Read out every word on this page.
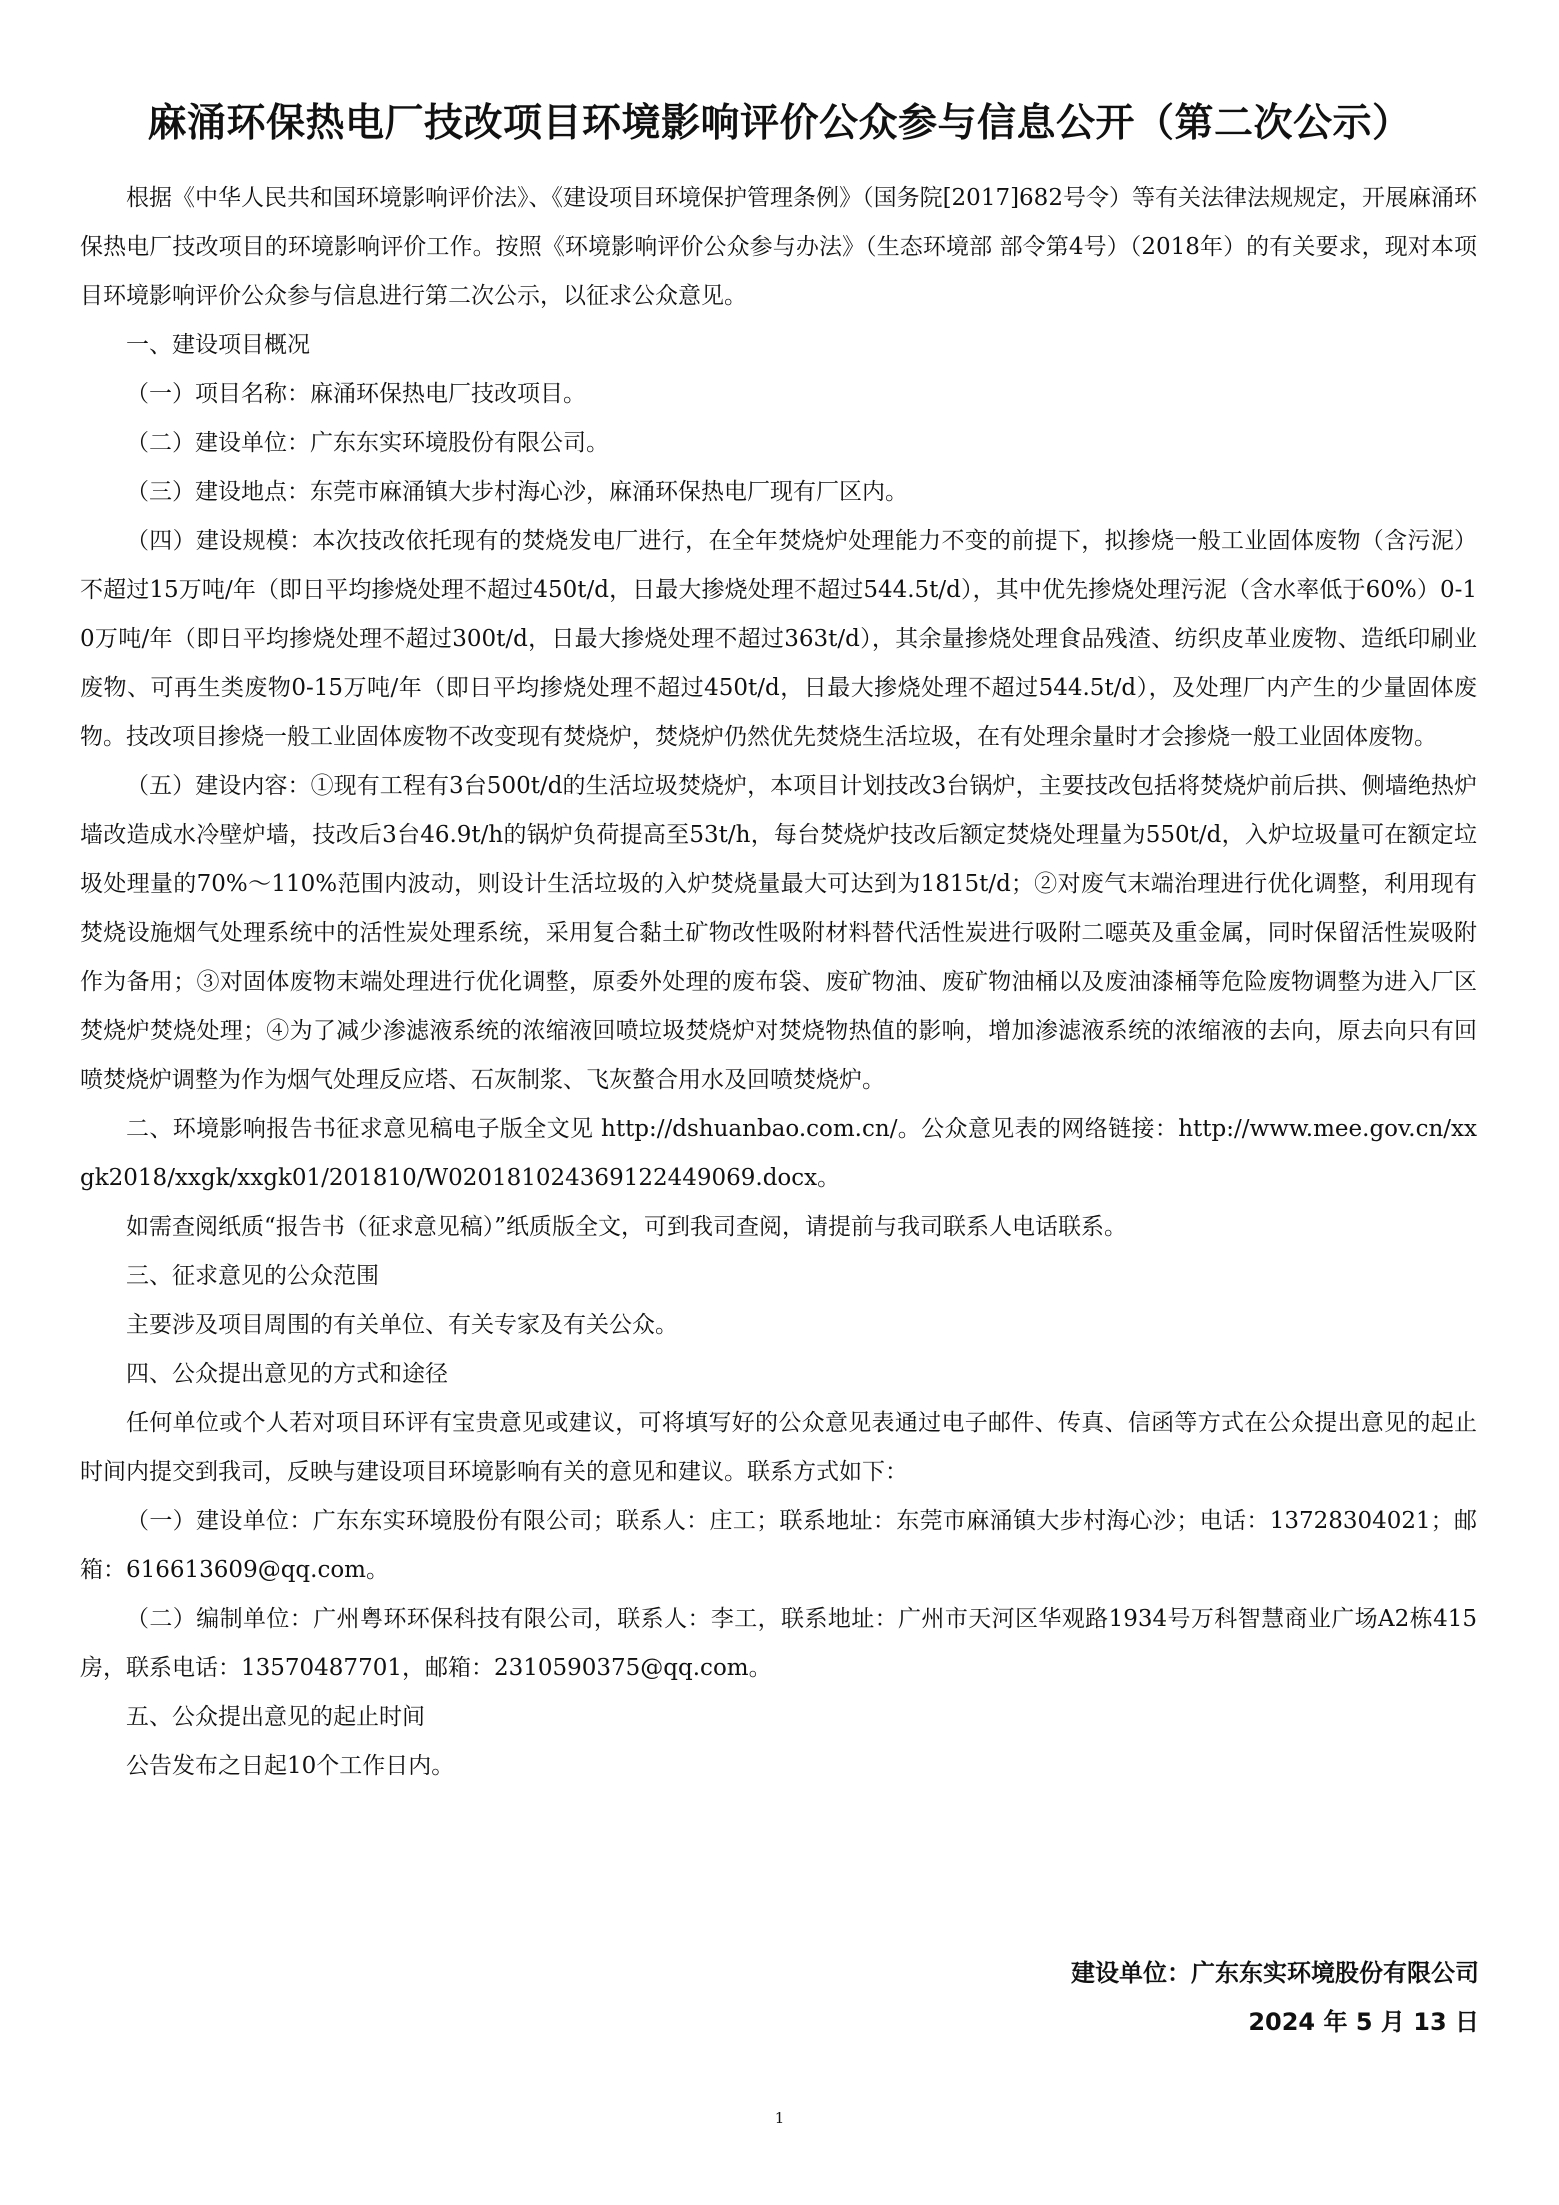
麻涌环保热电厂技改项目环境影响评价公众参与信息公开（第二次公示）

根据《中华人民共和国环境影响评价法》、《建设项目环境保护管理条例》（国务院[2017]682号令）等有关法律法规规定，开展麻涌环保热电厂技改项目的环境影响评价工作。按照《环境影响评价公众参与办法》（生态环境部 部令第4号）（2018年）的有关要求，现对本项目环境影响评价公众参与信息进行第二次公示，以征求公众意见。

一、建设项目概况

（一）项目名称：麻涌环保热电厂技改项目。

（二）建设单位：广东东实环境股份有限公司。

（三）建设地点：东莞市麻涌镇大步村海心沙，麻涌环保热电厂现有厂区内。

（四）建设规模：本次技改依托现有的焚烧发电厂进行，在全年焚烧炉处理能力不变的前提下，拟掺烧一般工业固体废物（含污泥）不超过15万吨/年（即日平均掺烧处理不超过450t/d，日最大掺烧处理不超过544.5t/d），其中优先掺烧处理污泥（含水率低于60%）0-10万吨/年（即日平均掺烧处理不超过300t/d，日最大掺烧处理不超过363t/d），其余量掺烧处理食品残渣、纺织皮革业废物、造纸印刷业废物、可再生类废物0-15万吨/年（即日平均掺烧处理不超过450t/d，日最大掺烧处理不超过544.5t/d），及处理厂内产生的少量固体废物。技改项目掺烧一般工业固体废物不改变现有焚烧炉，焚烧炉仍然优先焚烧生活垃圾，在有处理余量时才会掺烧一般工业固体废物。

（五）建设内容：①现有工程有3台500t/d的生活垃圾焚烧炉，本项目计划技改3台锅炉，主要技改包括将焚烧炉前后拱、侧墙绝热炉墙改造成水冷壁炉墙，技改后3台46.9t/h的锅炉负荷提高至53t/h，每台焚烧炉技改后额定焚烧处理量为550t/d，入炉垃圾量可在额定垃圾处理量的70%～110%范围内波动，则设计生活垃圾的入炉焚烧量最大可达到为1815t/d；②对废气末端治理进行优化调整，利用现有焚烧设施烟气处理系统中的活性炭处理系统，采用复合黏土矿物改性吸附材料替代活性炭进行吸附二噁英及重金属，同时保留活性炭吸附作为备用；③对固体废物末端处理进行优化调整，原委外处理的废布袋、废矿物油、废矿物油桶以及废油漆桶等危险废物调整为进入厂区焚烧炉焚烧处理；④为了减少渗滤液系统的浓缩液回喷垃圾焚烧炉对焚烧物热值的影响，增加渗滤液系统的浓缩液的去向，原去向只有回喷焚烧炉调整为作为烟气处理反应塔、石灰制浆、飞灰螯合用水及回喷焚烧炉。

二、环境影响报告书征求意见稿电子版全文见 http://dshuanbao.com.cn/。公众意见表的网络链接：http://www.mee.gov.cn/xxgk2018/xxgk/xxgk01/201810/W020181024369122449069.docx。

如需查阅纸质“报告书（征求意见稿）”纸质版全文，可到我司查阅，请提前与我司联系人电话联系。

三、征求意见的公众范围

主要涉及项目周围的有关单位、有关专家及有关公众。

四、公众提出意见的方式和途径

任何单位或个人若对项目环评有宝贵意见或建议，可将填写好的公众意见表通过电子邮件、传真、信函等方式在公众提出意见的起止时间内提交到我司，反映与建设项目环境影响有关的意见和建议。联系方式如下：

（一）建设单位：广东东实环境股份有限公司；联系人：庄工；联系地址：东莞市麻涌镇大步村海心沙；电话：13728304021；邮箱：616613609@qq.com。

（二）编制单位：广州粤环环保科技有限公司，联系人：李工，联系地址：广州市天河区华观路1934号万科智慧商业广场A2栋415房，联系电话：13570487701，邮箱：2310590375@qq.com。

五、公众提出意见的起止时间

公告发布之日起10个工作日内。

建设单位：广东东实环境股份有限公司
2024 年 5 月 13 日
1
